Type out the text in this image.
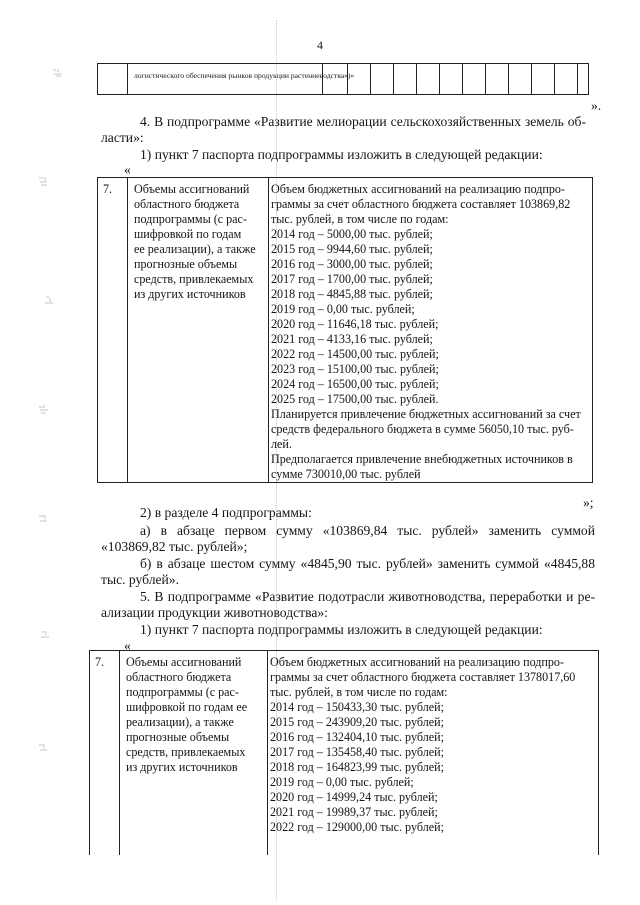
4
логистического обеспечения рынков продукции растениеводства»)»
».
4. В подпрограмме «Развитие мелиорации сельскохозяйственных земель об-
ласти»:
1) пункт 7 паспорта подпрограммы изложить в следующей редакции:
«
7. Объемы ассигнований
областного бюджета
подпрограммы (с рас-
шифровкой по годам
ее реализации), а также
прогнозные объемы
средств, привлекаемых
из других источников
Объем бюджетных ассигнований на реализацию подпро-
граммы за счет областного бюджета составляет 103869,82
тыс. рублей, в том числе по годам:
2014 год – 5000,00 тыс. рублей;
2015 год – 9944,60 тыс. рублей;
2016 год – 3000,00 тыс. рублей;
2017 год – 1700,00 тыс. рублей;
2018 год – 4845,88 тыс. рублей;
2019 год – 0,00 тыс. рублей;
2020 год – 11646,18 тыс. рублей;
2021 год – 4133,16 тыс. рублей;
2022 год – 14500,00 тыс. рублей;
2023 год – 15100,00 тыс. рублей;
2024 год – 16500,00 тыс. рублей;
2025 год – 17500,00 тыс. рублей.
Планируется привлечение бюджетных ассигнований за счет
средств федерального бюджета в сумме 56050,10 тыс. руб-
лей.
Предполагается привлечение внебюджетных источников в
сумме 730010,00 тыс. рублей
»;
2) в разделе 4 подпрограммы:
а) в абзаце первом сумму «103869,84 тыс. рублей» заменить суммой
«103869,82 тыс. рублей»;
б) в абзаце шестом сумму «4845,90 тыс. рублей» заменить суммой «4845,88
тыс. рублей».
5. В подпрограмме «Развитие подотрасли животноводства, переработки и ре-
ализации продукции животноводства»:
1) пункт 7 паспорта подпрограммы изложить в следующей редакции:
«
7. Объемы ассигнований
областного бюджета
подпрограммы (с рас-
шифровкой по годам ее
реализации), а также
прогнозные объемы
средств, привлекаемых
из других источников
Объем бюджетных ассигнований на реализацию подпро-
граммы за счет областного бюджета составляет 1378017,60
тыс. рублей, в том числе по годам:
2014 год – 150433,30 тыс. рублей;
2015 год – 243909,20 тыс. рублей;
2016 год – 132404,10 тыс. рублей;
2017 год – 135458,40 тыс. рублей;
2018 год – 164823,99 тыс. рублей;
2019 год – 0,00 тыс. рублей;
2020 год – 14999,24 тыс. рублей;
2021 год – 19989,37 тыс. рублей;
2022 год – 129000,00 тыс. рублей;
